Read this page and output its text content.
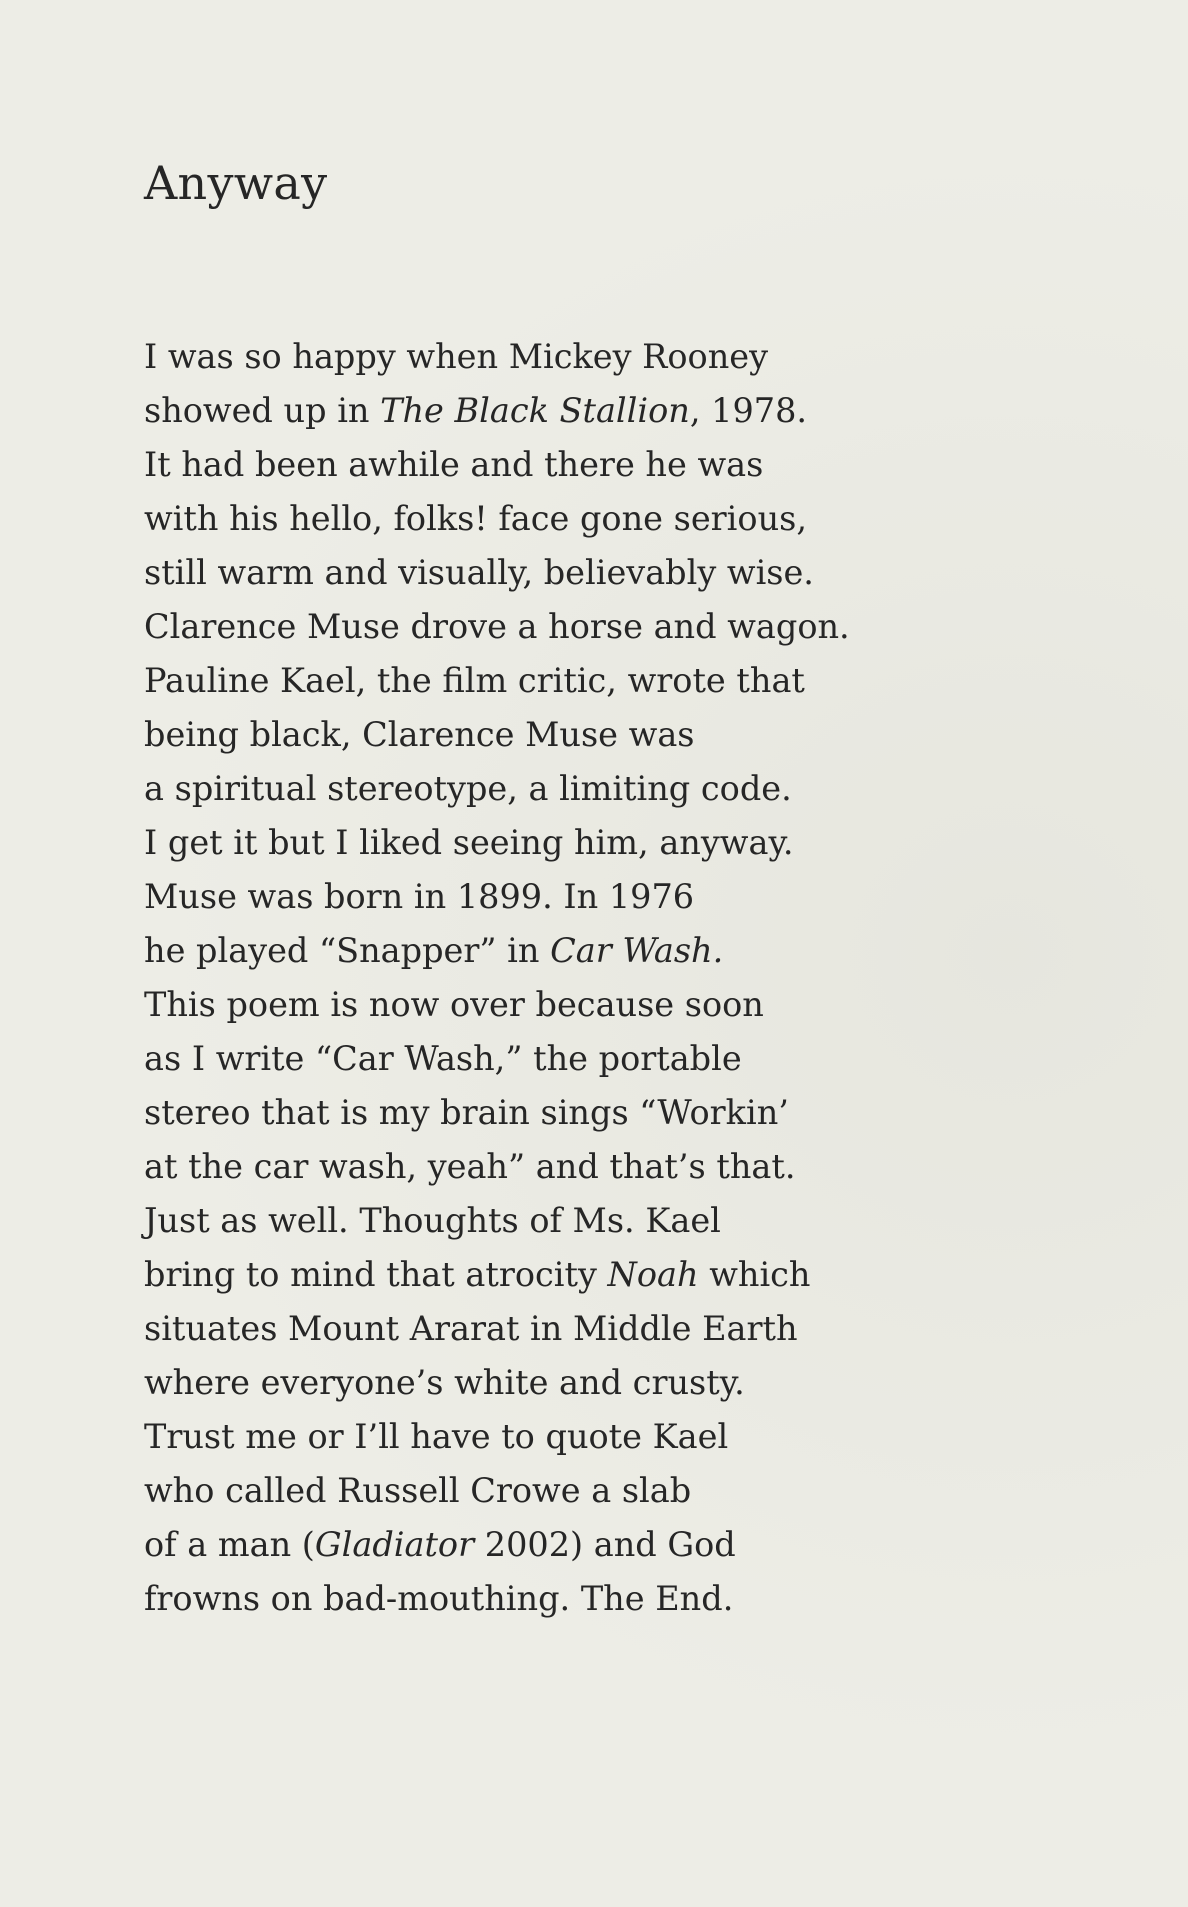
Anyway
I was so happy when Mickey Rooney
showed up in The Black Stallion, 1978.
It had been awhile and there he was
with his hello, folks! face gone serious,
still warm and visually, believably wise.
Clarence Muse drove a horse and wagon.
Pauline Kael, the film critic, wrote that
being black, Clarence Muse was
a spiritual stereotype, a limiting code.
I get it but I liked seeing him, anyway.
Muse was born in 1899. In 1976
he played “Snapper” in Car Wash.
This poem is now over because soon
as I write “Car Wash,” the portable
stereo that is my brain sings “Workin’
at the car wash, yeah” and that’s that.
Just as well. Thoughts of Ms. Kael
bring to mind that atrocity Noah which
situates Mount Ararat in Middle Earth
where everyone’s white and crusty.
Trust me or I’ll have to quote Kael
who called Russell Crowe a slab
of a man (Gladiator 2002) and God
frowns on bad-mouthing. The End.
